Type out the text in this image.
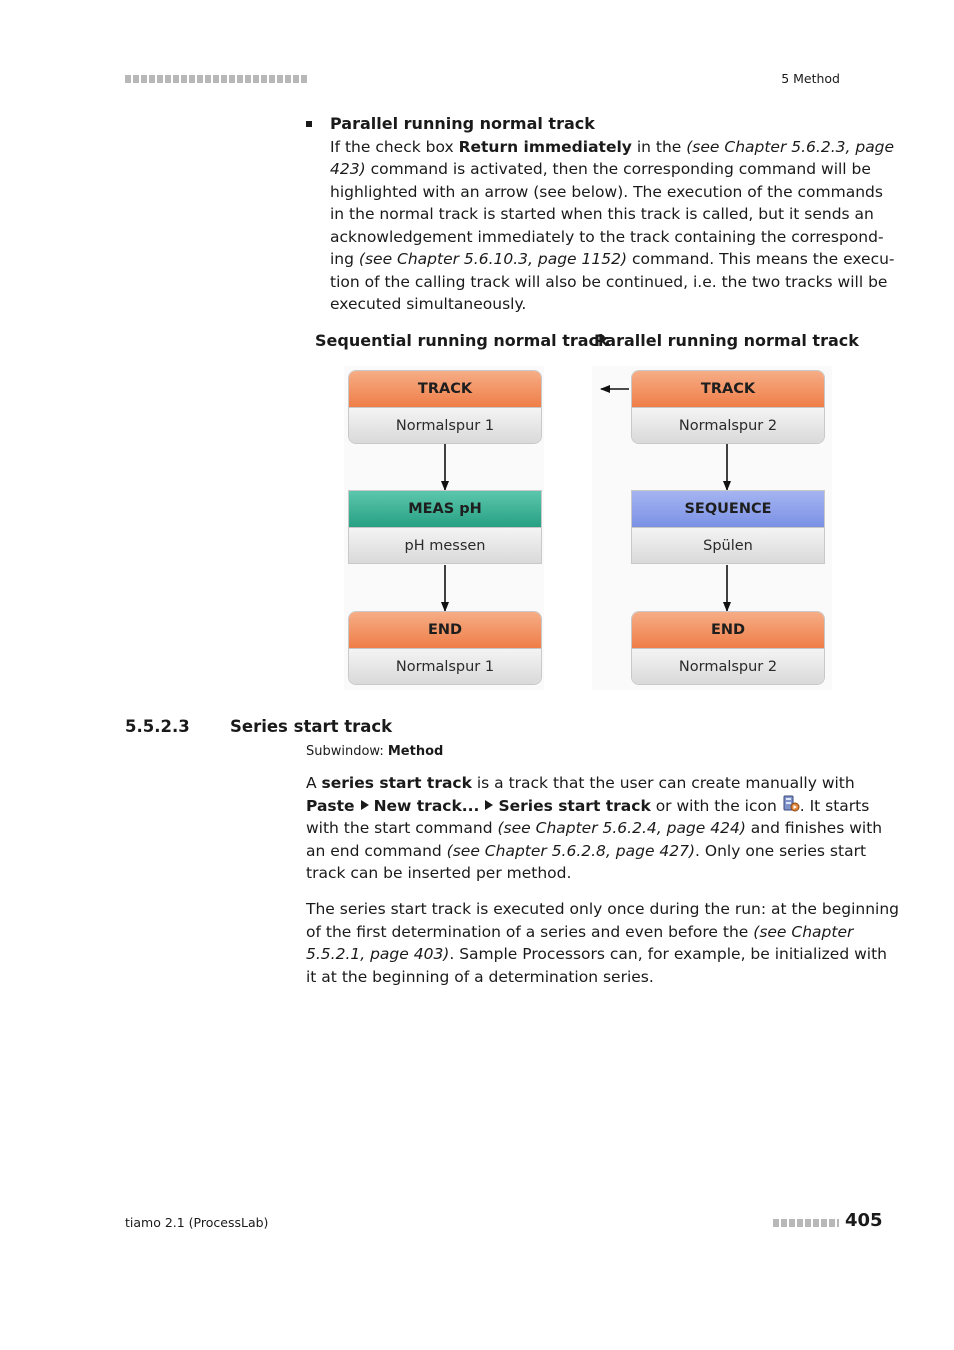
5 Method
Parallel running normal track
If the check box Return immediately in the (see Chapter 5.6.2.3, page
423) command is activated, then the corresponding command will be
highlighted with an arrow (see below). The execution of the commands
in the normal track is started when this track is called, but it sends an
acknowledgement immediately to the track containing the correspond-
ing (see Chapter 5.6.10.3, page 1152) command. This means the execu-
tion of the calling track will also be continued, i.e. the two tracks will be
executed simultaneously.
Sequential running normal track
Parallel running normal track
TRACK
Normalspur 1
MEAS pH
pH messen
END
Normalspur 1
TRACK
Normalspur 2
SEQUENCE
Spülen
END
Normalspur 2
5.5.2.3 Series start track
Subwindow: Method
A series start track is a track that the user can create manually with
Paste New track... Series start track or with the icon . It starts
with the start command (see Chapter 5.6.2.4, page 424) and finishes with
an end command (see Chapter 5.6.2.8, page 427). Only one series start
track can be inserted per method.
The series start track is executed only once during the run: at the beginning
of the first determination of a series and even before the (see Chapter
5.5.2.1, page 403). Sample Processors can, for example, be initialized with
it at the beginning of a determination series.
tiamo 2.1 (ProcessLab)	405
